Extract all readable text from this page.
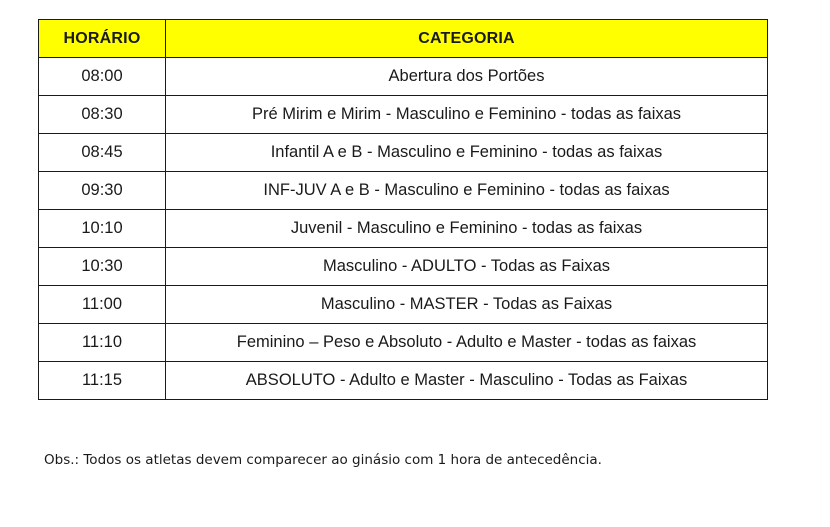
HORÁRIO	CATEGORIA
08:00	Abertura dos Portões
08:30	Pré Mirim e Mirim - Masculino e Feminino - todas as faixas
08:45	Infantil A e B - Masculino e Feminino - todas as faixas
09:30	INF-JUV A e B - Masculino e Feminino - todas as faixas
10:10	Juvenil - Masculino e Feminino - todas as faixas
10:30	Masculino - ADULTO - Todas as Faixas
11:00	Masculino - MASTER - Todas as Faixas
11:10	Feminino – Peso e Absoluto - Adulto e Master - todas as faixas
11:15	ABSOLUTO - Adulto e Master - Masculino - Todas as Faixas
Obs.: Todos os atletas devem comparecer ao ginásio com 1 hora de antecedência.
